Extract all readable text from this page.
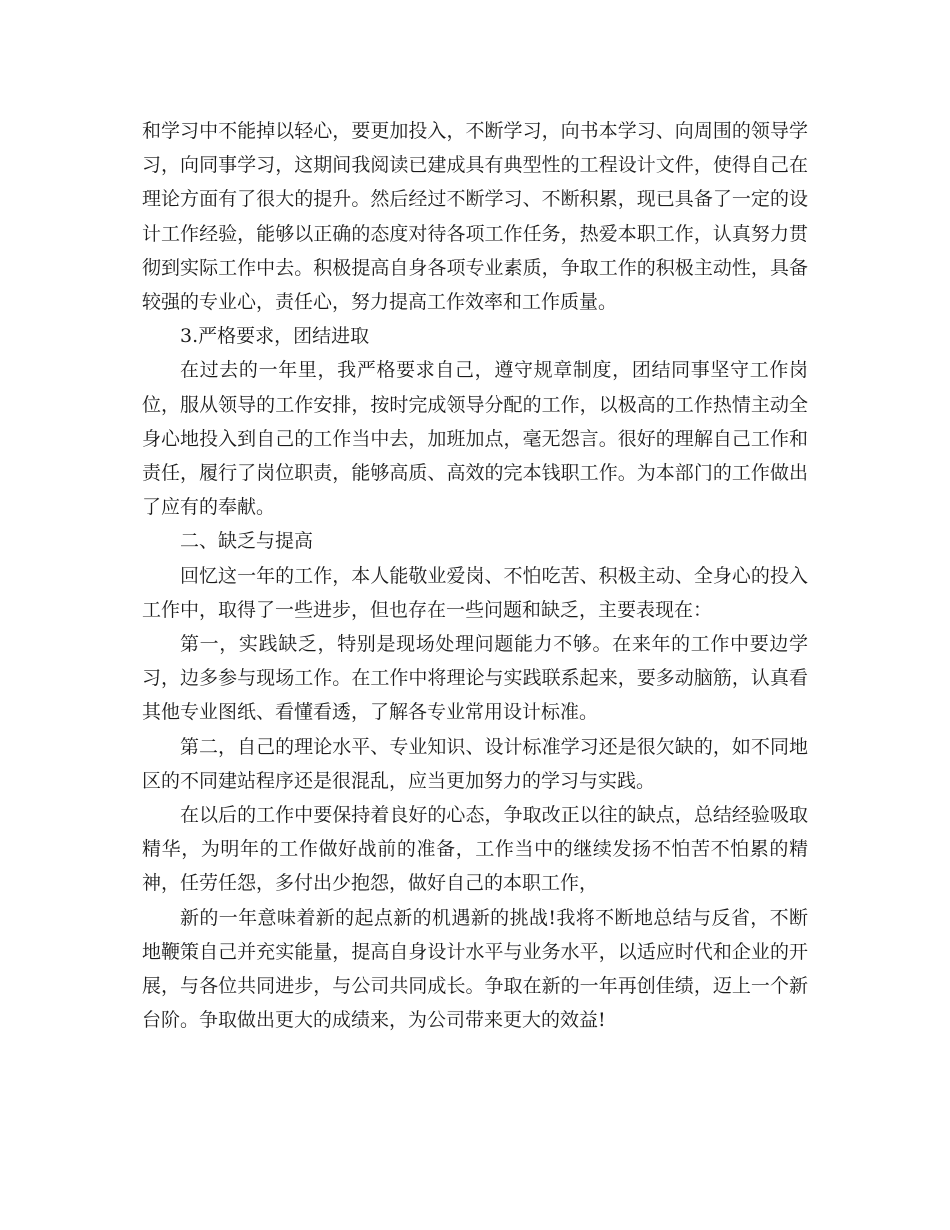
和学习中不能掉以轻心，要更加投入，不断学习，向书本学习、向周围的领导学习，向同事学习，这期间我阅读已建成具有典型性的工程设计文件，使得自己在理论方面有了很大的提升。然后经过不断学习、不断积累，现已具备了一定的设计工作经验，能够以正确的态度对待各项工作任务，热爱本职工作，认真努力贯彻到实际工作中去。积极提高自身各项专业素质，争取工作的积极主动性，具备较强的专业心，责任心，努力提高工作效率和工作质量。

3.严格要求，团结进取

在过去的一年里，我严格要求自己，遵守规章制度，团结同事坚守工作岗位，服从领导的工作安排，按时完成领导分配的工作，以极高的工作热情主动全身心地投入到自己的工作当中去，加班加点，毫无怨言。很好的理解自己工作和责任，履行了岗位职责，能够高质、高效的完本钱职工作。为本部门的工作做出了应有的奉献。

二、缺乏与提高

回忆这一年的工作，本人能敬业爱岗、不怕吃苦、积极主动、全身心的投入工作中，取得了一些进步，但也存在一些问题和缺乏，主要表现在：

第一，实践缺乏，特别是现场处理问题能力不够。在来年的工作中要边学习，边多参与现场工作。在工作中将理论与实践联系起来，要多动脑筋，认真看其他专业图纸、看懂看透，了解各专业常用设计标准。

第二，自己的理论水平、专业知识、设计标准学习还是很欠缺的，如不同地区的不同建站程序还是很混乱，应当更加努力的学习与实践。

在以后的工作中要保持着良好的心态，争取改正以往的缺点，总结经验吸取精华，为明年的工作做好战前的准备，工作当中的继续发扬不怕苦不怕累的精神，任劳任怨，多付出少抱怨，做好自己的本职工作，

新的一年意味着新的起点新的机遇新的挑战!我将不断地总结与反省，不断地鞭策自己并充实能量，提高自身设计水平与业务水平，以适应时代和企业的开展，与各位共同进步，与公司共同成长。争取在新的一年再创佳绩，迈上一个新台阶。争取做出更大的成绩来，为公司带来更大的效益!
